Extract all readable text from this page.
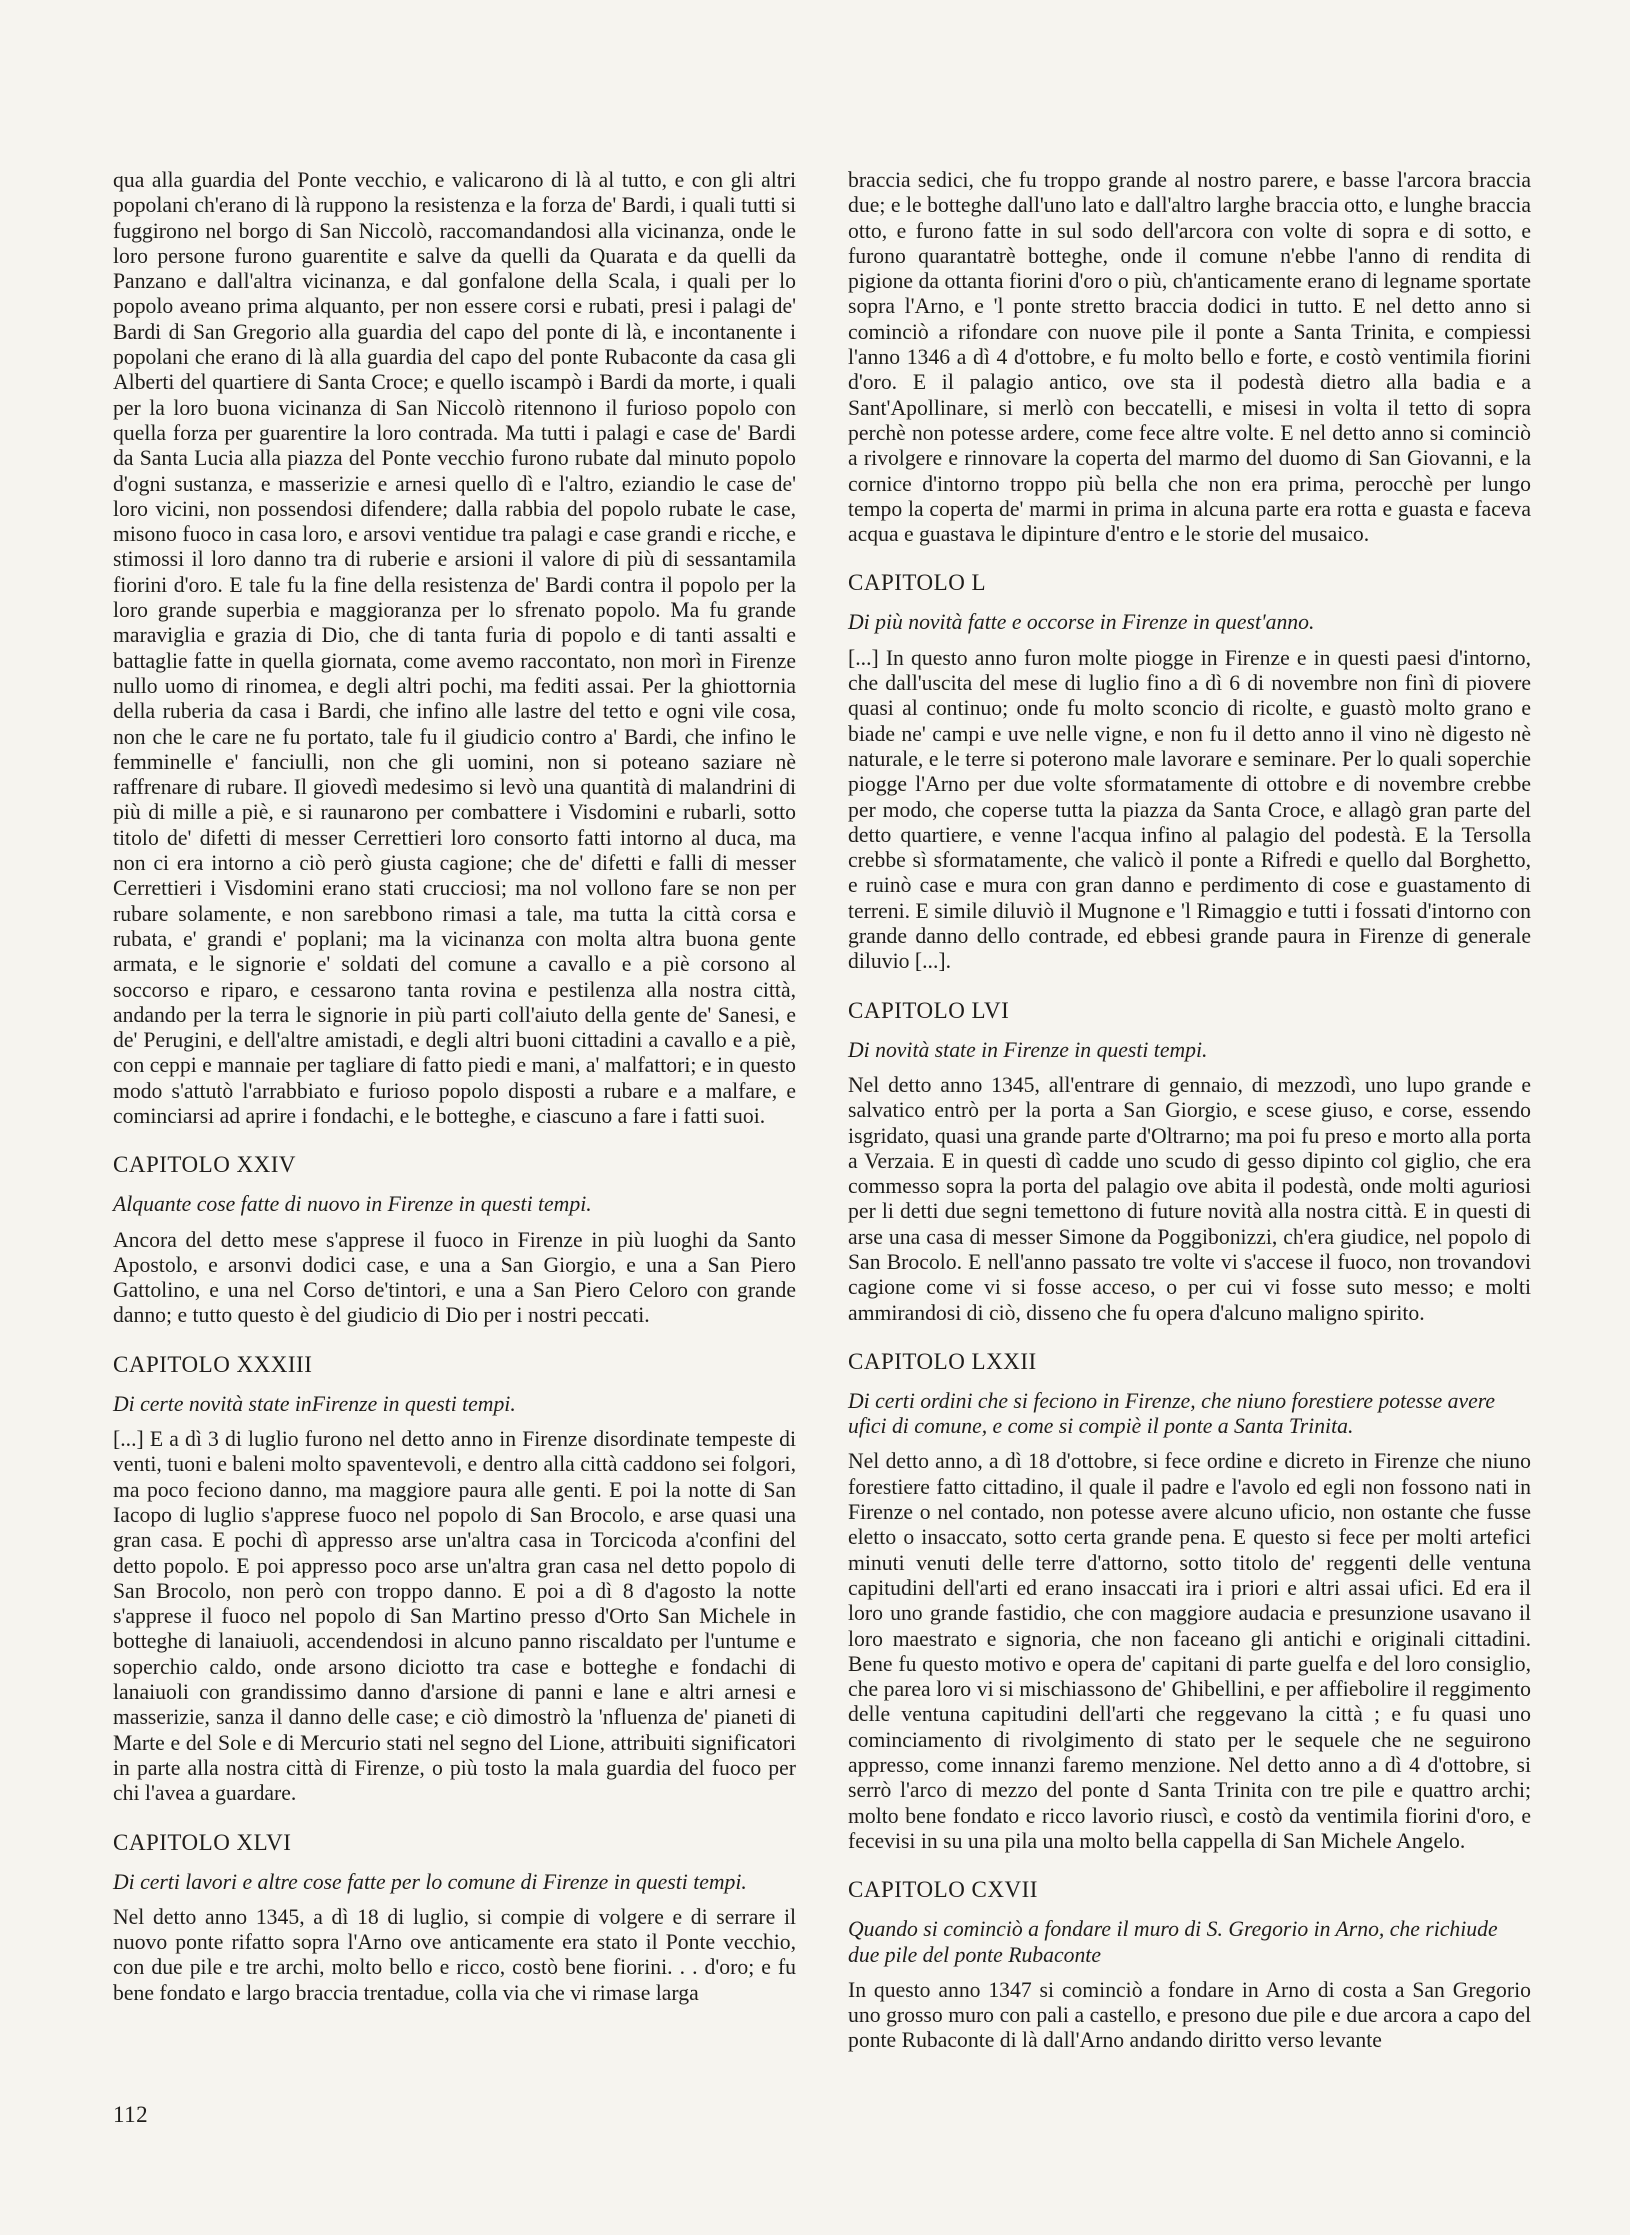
qua alla guardia del Ponte vecchio, e valicarono di là al tutto, e con gli altri popolani ch'erano di là rupponо la resistenza e la forza de' Bardi, i quali tutti si fuggirono nel borgo di San Niccolò, raccomandandosi alla vicinanza, onde le loro persone furono guarentite e salve da quelli da Quarata e da quelli da Panzano e dall'altra vicinanza, e dal gonfalone della Scala, i quali per lo popolo aveano prima alquanto, per non essere corsi e rubati, presi i palagi de' Bardi di San Gregorio alla guardia del capo del ponte di là, e incontanente i popolani che erano di là alla guardia del capo del ponte Rubaconte da casa gli Alberti del quartiere di Santa Croce; e quello iscampò i Bardi da morte, i quali per la loro buona vicinanza di San Niccolò ritennono il furioso popolo con quella forza per guarentire la loro contrada. Ma tutti i palagi e case de' Bardi da Santa Lucia alla piazza del Ponte vecchio furono rubate dal minuto popolo d'ogni sustanza, e masserizie e arnesi quello dì e l'altro, eziandio le case de' loro vicini, non possendosi difendere; dalla rabbia del popolo rubate le case, misono fuoco in casa loro, e arsovi ventidue tra palagi e case grandi e ricche, e stimossi il loro danno tra di ruberie e arsioni il valore di più di sessantamila fiorini d'oro. E tale fu la fine della resistenza de' Bardi contra il popolo per la loro grande superbia e maggioranza per lo sfrenato popolo. Ma fu grande maraviglia e grazia di Dio, che di tanta furia di popolo e di tanti assalti e battaglie fatte in quella giornata, come avemo raccontato, non morì in Firenze nullo uomo di rinomea, e degli altri pochi, ma fediti assai. Per la ghiottornia della ruberia da casa i Bardi, che infino alle lastre del tetto e ogni vile cosa, non che le care ne fu portato, tale fu il giudicio contro a' Bardi, che infino le femminelle e' fanciulli, non che gli uomini, non si poteano saziare nè raffrenare di rubare. Il giovedì medesimo si levò una quantità di malandrini di più di mille a piè, e si raunarono per combattere i Visdomini e rubarli, sotto titolo de' difetti di messer Cerrettieri loro consorto fatti intorno al duca, ma non ci era intorno a ciò però giusta cagione; che de' difetti e falli di messer Cerrettieri i Visdomini erano stati crucciosi; ma nol vollono fare se non per rubare solamente, e non sarebbono rimasi a tale, ma tutta la città corsa e rubata, e' grandi e' poplani; ma la vicinanza con molta altra buona gente armata, e le signorie e' soldati del comune a cavallo e a piè corsono al soccorso e riparo, e cessarono tanta rovina e pestilenza alla nostra città, andando per la terra le signorie in più parti coll'aiuto della gente de' Sanesi, e de' Perugini, e dell'altre amistadi, e degli altri buoni cittadini a cavallo e a piè, con ceppi e mannaie per tagliare di fatto piedi e mani, a' malfattori; e in questo modo s'attutò l'arrabbiato e furioso popolo disposti a rubare e a malfare, e cominciarsi ad aprire i fondachi, e le botteghe, e ciascuno a fare i fatti suoi.

CAPITOLO XXIV

Alquante cose fatte di nuovo in Firenze in questi tempi.

Ancora del detto mese s'apprese il fuoco in Firenze in più luoghi da Santo Apostolo, e arsonvi dodici case, e una a San Giorgio, e una a San Piero Gattolino, e una nel Corso de'tintori, e una a San Piero Celoro con grande danno; e tutto questo è del giudicio di Dio per i nostri peccati.

CAPITOLO XXXIII

Di certe novità state inFirenze in questi tempi.

[...] E a dì 3 di luglio furono nel detto anno in Firenze disordinate tempeste di venti, tuoni e baleni molto spaventevoli, e dentro alla città caddono sei folgori, ma poco feciono danno, ma maggiore paura alle genti. E poi la notte di San Iacopo di luglio s'apprese fuoco nel popolo di San Brocolo, e arse quasi una gran casa. E pochi dì appresso arse un'altra casa in Torcicoda a'confini del detto popolo. E poi appresso poco arse un'altra gran casa nel detto popolo di San Brocolo, non però con troppo danno. E poi a dì 8 d'agosto la notte s'apprese il fuoco nel popolo di San Martino presso d'Orto San Michele in botteghe di lanaiuoli, accendendosi in alcuno panno riscaldato per l'untume e soperchio caldo, onde arsono diciotto tra case e botteghe e fondachi di lanaiuoli con grandissimo danno d'arsione di panni e lane e altri arnesi e masserizie, sanza il danno delle case; e ciò dimostrò la 'nfluenza de' pianeti di Marte e del Sole e di Mercurio stati nel segno del Lione, attribuiti significatori in parte alla nostra città di Firenze, o più tosto la mala guardia del fuoco per chi l'avea a guardare.

CAPITOLO XLVI

Di certi lavori e altre cose fatte per lo comune di Firenze in questi tempi.

Nel detto anno 1345, a dì 18 di luglio, si compie di volgere e di serrare il nuovo ponte rifatto sopra l'Arno ove anticamente era stato il Ponte vecchio, con due pile e tre archi, molto bello e ricco, costò bene fiorini. . . d'oro; e fu bene fondato e largo braccia trentadue, colla via che vi rimase larga

braccia sedici, che fu troppo grande al nostro parere, e basse l'arcora braccia due; e le botteghe dall'uno lato e dall'altro larghe braccia otto, e lunghe braccia otto, e furono fatte in sul sodo dell'arcora con volte di sopra e di sotto, e furono quarantatrè botteghe, onde il comune n'ebbe l'anno di rendita di pigione da ottanta fiorini d'oro o più, ch'anticamente erano di legname sportate sopra l'Arno, e 'l ponte stretto braccia dodici in tutto. E nel detto anno si cominciò a rifondare con nuove pile il ponte a Santa Trinita, e compiessi l'anno 1346 a dì 4 d'ottobre, e fu molto bello e forte, e costò ventimila fiorini d'oro. E il palagio antico, ove sta il podestà dietro alla badia e a Sant'Apollinare, si merlò con beccatelli, e misesi in volta il tetto di sopra perchè non potesse ardere, come fece altre volte. E nel detto anno si cominciò a rivolgere e rinnovare la coperta del marmo del duomo di San Giovanni, e la cornice d'intorno troppo più bella che non era prima, perocchè per lungo tempo la coperta de' marmi in prima in alcuna parte era rotta e guasta e faceva acqua e guastava le dipinture d'entro e le storie del musaico.

CAPITOLO L

Di più novità fatte e occorse in Firenze in quest'anno.

[...] In questo anno furon molte piogge in Firenze e in questi paesi d'intorno, che dall'uscita del mese di luglio fino a dì 6 di novembre non finì di piovere quasi al continuo; onde fu molto sconcio di ricolte, e guastò molto grano e biade ne' campi e uve nelle vigne, e non fu il detto anno il vino nè digesto nè naturale, e le terre si poterono male lavorare e seminare. Per lo quali soperchie piogge l'Arno per due volte sformatamente di ottobre e di novembre crebbe per modo, che coperse tutta la piazza da Santa Croce, e allagò gran parte del detto quartiere, e venne l'acqua infino al palagio del podestà. E la Tersolla crebbe sì sformatamente, che valicò il ponte a Rifredi e quello dal Borghetto, e ruinò case e mura con gran danno e perdimento di cose e guastamento di terreni. E simile diluviò il Mugnone e 'l Rimaggio e tutti i fossati d'intorno con grande danno dello contrade, ed ebbesi grande paura in Firenze di generale diluvio [...].

CAPITOLO LVI

Di novità state in Firenze in questi tempi.

Nel detto anno 1345, all'entrare di gennaio, di mezzodì, uno lupo grande e salvatico entrò per la porta a San Giorgio, e scese giuso, e corse, essendo isgridato, quasi una grande parte d'Oltrarno; ma poi fu preso e morto alla porta a Verzaia. E in questi dì cadde uno scudo di gesso dipinto col giglio, che era commesso sopra la porta del palagio ove abita il podestà, onde molti aguriosi per li detti due segni temettono di future novità alla nostra città. E in questi di arse una casa di messer Simone da Poggibonizzi, ch'era giudice, nel popolo di San Brocolo. E nell'anno passato tre volte vi s'accese il fuoco, non trovandovi cagione come vi si fosse acceso, o per cui vi fosse suto messo; e molti ammirandosi di ciò, disseno che fu opera d'alcuno maligno spirito.

CAPITOLO LXXII

Di certi ordini che si feciono in Firenze, che niuno forestiere potesse avere ufici di comune, e come si compiè il ponte a Santa Trinita.

Nel detto anno, a dì 18 d'ottobre, si fece ordine e dicreto in Firenze che niuno forestiere fatto cittadino, il quale il padre e l'avolo ed egli non fossono nati in Firenze o nel contado, non potesse avere alcuno uficio, non ostante che fusse eletto o insaccato, sotto certa grande pena. E questo si fece per molti artefici minuti venuti delle terre d'attorno, sotto titolo de' reggenti delle ventuna capitudini dell'arti ed erano insaccati ira i priori e altri assai ufici. Ed era il loro uno grande fastidio, che con maggiore audacia e presunzione usavano il loro maestrato e signoria, che non faceano gli antichi e originali cittadini. Bene fu questo motivo e opera de' capitani di parte guelfa e del loro consiglio, che parea loro vi si mischiassono de' Ghibellini, e per affiebolire il reggimento delle ventuna capitudini dell'arti che reggevano la città ; e fu quasi uno cominciamento di rivolgimento di stato per le sequele che ne seguirono appresso, come innanzi faremo menzione. Nel detto anno a dì 4 d'ottobre, si serrò l'arco di mezzo del ponte d Santa Trinita con tre pile e quattro archi; molto bene fondato e ricco lavorio riuscì, e costò da ventimila fiorini d'oro, e fecevisi in su una pila una molto bella cappella di San Michele Angelo.

CAPITOLO CXVII

Quando si cominciò a fondare il muro di S. Gregorio in Arno, che richiude due pile del ponte Rubaconte

In questo anno 1347 si cominciò a fondare in Arno di costa a San Gregorio uno grosso muro con pali a castello, e presono due pile e due arcora a capo del ponte Rubaconte di là dall'Arno andando diritto verso levante

112
